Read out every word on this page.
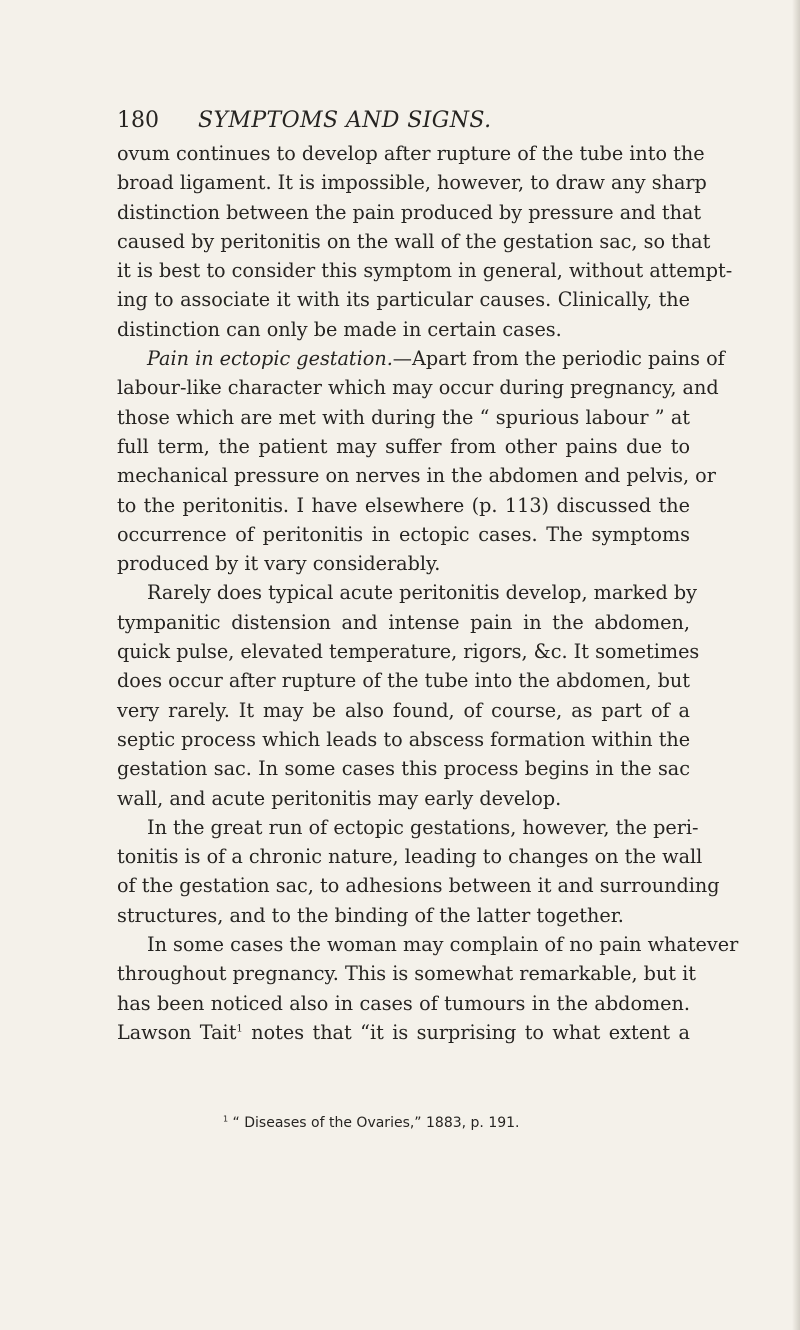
180 SYMPTOMS AND SIGNS.
ovum continues to develop after rupture of the tube into the
broad ligament. It is impossible, however, to draw any sharp
distinction between the pain produced by pressure and that
caused by peritonitis on the wall of the gestation sac, so that
it is best to consider this symptom in general, without attempt-
ing to associate it with its particular causes. Clinically, the
distinction can only be made in certain cases.
Pain in ectopic gestation.—Apart from the periodic pains of
labour-like character which may occur during pregnancy, and
those which are met with during the “ spurious labour ” at
full term, the patient may suffer from other pains due to
mechanical pressure on nerves in the abdomen and pelvis, or
to the peritonitis. I have elsewhere (p. 113) discussed the
occurrence of peritonitis in ectopic cases. The symptoms
produced by it vary considerably.
Rarely does typical acute peritonitis develop, marked by
tympanitic distension and intense pain in the abdomen,
quick pulse, elevated temperature, rigors, &c. It sometimes
does occur after rupture of the tube into the abdomen, but
very rarely. It may be also found, of course, as part of a
septic process which leads to abscess formation within the
gestation sac. In some cases this process begins in the sac
wall, and acute peritonitis may early develop.
In the great run of ectopic gestations, however, the peri-
tonitis is of a chronic nature, leading to changes on the wall
of the gestation sac, to adhesions between it and surrounding
structures, and to the binding of the latter together.
In some cases the woman may complain of no pain whatever
throughout pregnancy. This is somewhat remarkable, but it
has been noticed also in cases of tumours in the abdomen.
Lawson Tait$^1$ notes that “it is surprising to what extent a
$^1$ “ Diseases of the Ovaries,” 1883, p. 191.
